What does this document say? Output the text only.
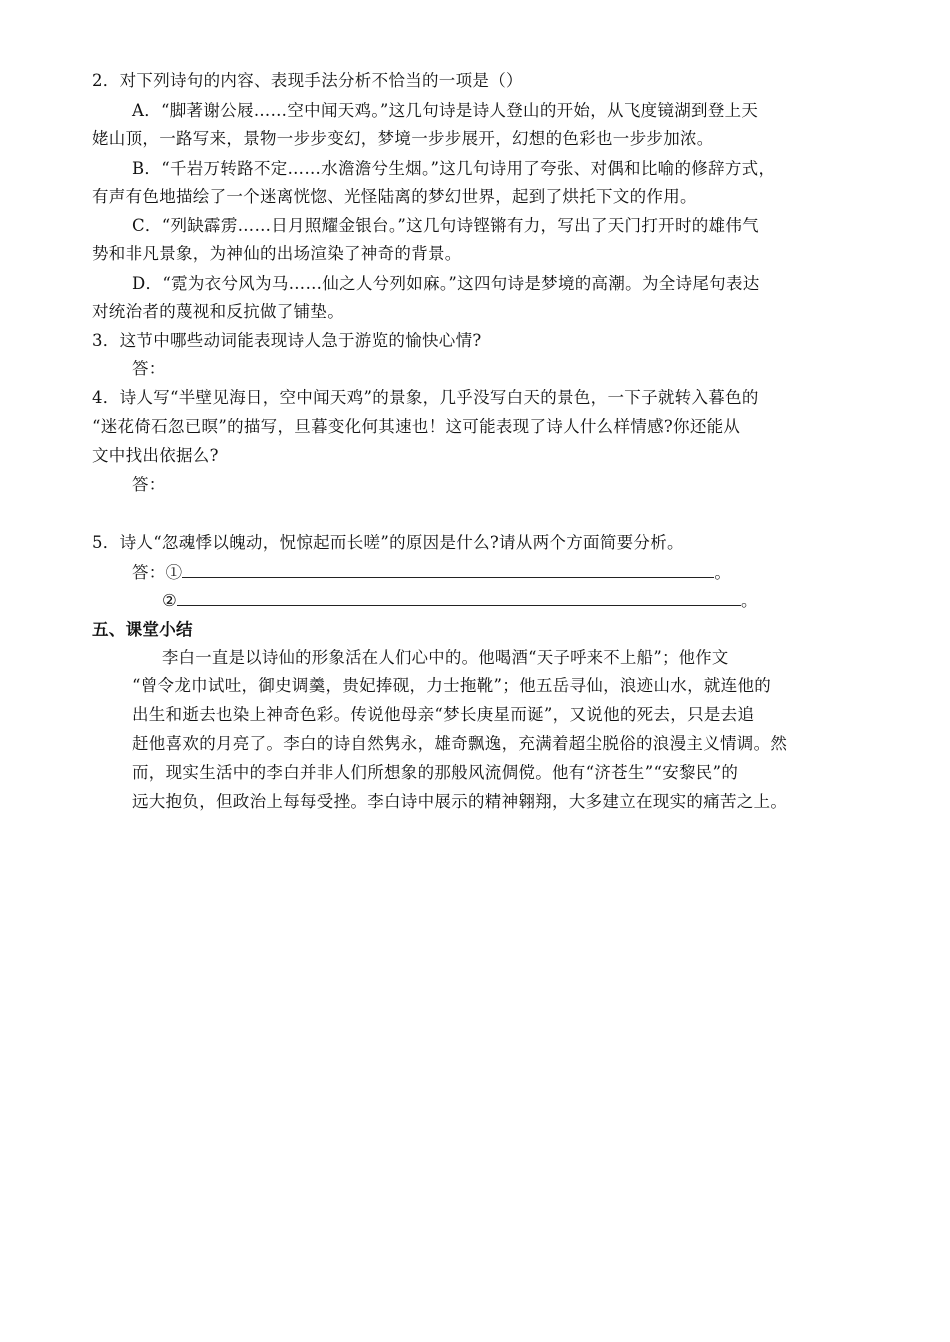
2．对下列诗句的内容、表现手法分析不恰当的一项是（）
A．“脚著谢公屐……空中闻天鸡。”这几句诗是诗人登山的开始，从飞度镜湖到登上天
姥山顶，一路写来，景物一步步变幻，梦境一步步展开，幻想的色彩也一步步加浓。
B．“千岩万转路不定……水澹澹兮生烟。”这几句诗用了夸张、对偶和比喻的修辞方式，
有声有色地描绘了一个迷离恍惚、光怪陆离的梦幻世界，起到了烘托下文的作用。
C．“列缺霹雳……日月照耀金银台。”这几句诗铿锵有力，写出了天门打开时的雄伟气
势和非凡景象，为神仙的出场渲染了神奇的背景。
D．“霓为衣兮风为马……仙之人兮列如麻。”这四句诗是梦境的高潮。为全诗尾句表达
对统治者的蔑视和反抗做了铺垫。
3．这节中哪些动词能表现诗人急于游览的愉快心情?
答：
4．诗人写“半壁见海日，空中闻天鸡”的景象，几乎没写白天的景色，一下子就转入暮色的
“迷花倚石忽已暝”的描写，旦暮变化何其速也！这可能表现了诗人什么样情感?你还能从
文中找出依据么?
答：
5．诗人“忽魂悸以魄动，怳惊起而长嗟”的原因是什么?请从两个方面简要分析。
答：①	。
②	。
五、课堂小结
李白一直是以诗仙的形象活在人们心中的。他喝酒“天子呼来不上船”；他作文
“曾令龙巾试吐，御史调羹，贵妃捧砚，力士拖靴”；他五岳寻仙，浪迹山水，就连他的
出生和逝去也染上神奇色彩。传说他母亲“梦长庚星而诞”，又说他的死去，只是去追
赶他喜欢的月亮了。李白的诗自然隽永，雄奇飘逸，充满着超尘脱俗的浪漫主义情调。然
而，现实生活中的李白并非人们所想象的那般风流倜傥。他有“济苍生”“安黎民”的
远大抱负，但政治上每每受挫。李白诗中展示的精神翱翔，大多建立在现实的痛苦之上。
